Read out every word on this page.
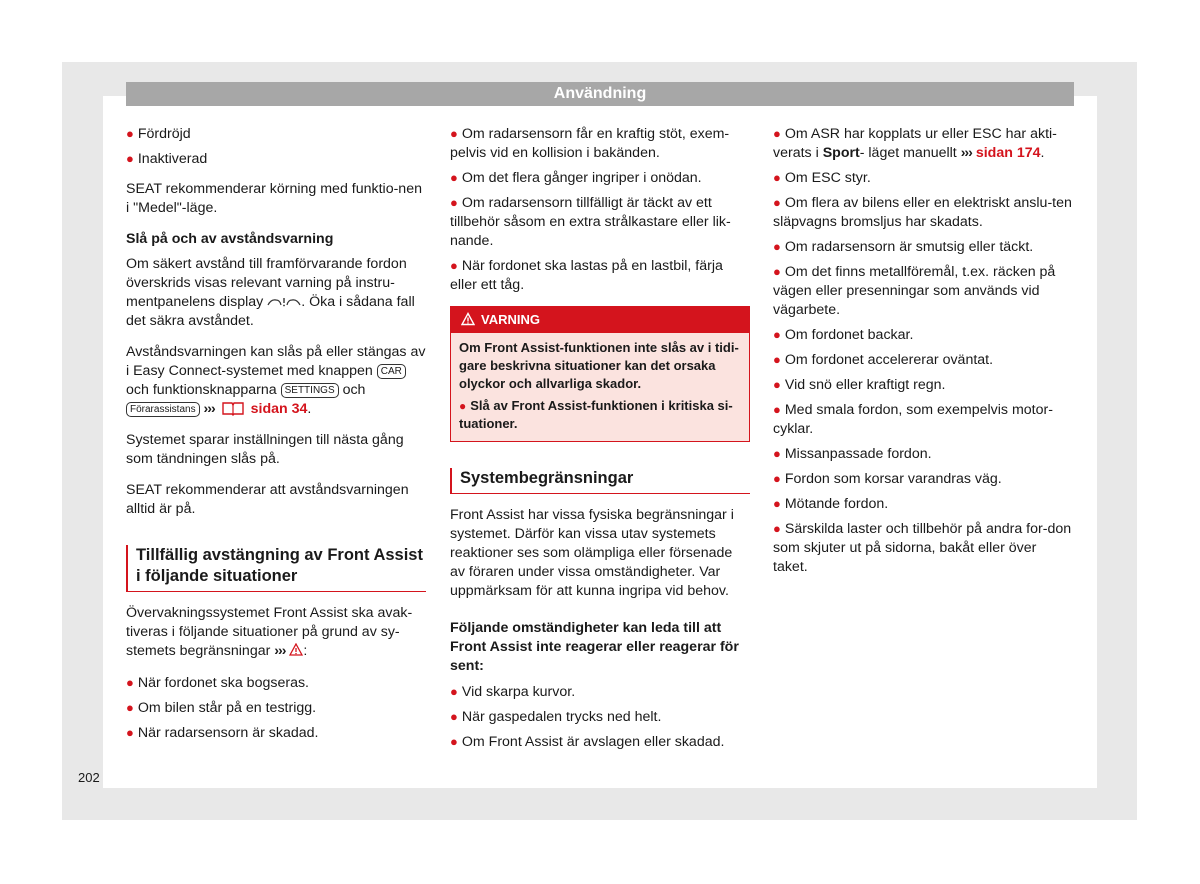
Användning
● Fördröjd
● Inaktiverad

SEAT rekommenderar körning med funktio-nen i "Medel"-läge.

Slå på och av avståndsvarning

Om säkert avstånd till framförvarande fordon överskrids visas relevant varning på instru-mentpanelens display	. Öka i sådana fall det säkra avståndet.

Avståndsvarningen kan slås på eller stängas av i Easy Connect-systemet med knappen CAR och funktionsknapparna SETTINGS och Förarassistans ›››	sidan 34.

Systemet sparar inställningen till nästa gång som tändningen slås på.

SEAT rekommenderar att avståndsvarningen alltid är på.

Tillfällig avstängning av Front Assist i följande situationer

Övervakningssystemet Front Assist ska avak-tiveras i följande situationer på grund av sy-stemets begränsningar ››› :

● När fordonet ska bogseras.
● Om bilen står på en testrigg.
● När radarsensorn är skadad.
● Om radarsensorn får en kraftig stöt, exem-pelvis vid en kollision i bakänden.
● Om det flera gånger ingriper i onödan.
● Om radarsensorn tillfälligt är täckt av ett tillbehör såsom en extra strålkastare eller lik-nande.
● När fordonet ska lastas på en lastbil, färja eller ett tåg.
VARNING

Om Front Assist-funktionen inte slås av i tidi-gare beskrivna situationer kan det orsaka olyckor och allvarliga skador.

● Slå av Front Assist-funktionen i kritiska si-tuationer.

Systembegränsningar

Front Assist har vissa fysiska begränsningar i systemet. Därför kan vissa utav systemets reaktioner ses som olämpliga eller försenade av föraren under vissa omständigheter. Var uppmärksam för att kunna ingripa vid behov.

Följande omständigheter kan leda till att Front Assist inte reagerar eller reagerar för sent:
● Vid skarpa kurvor.
● När gaspedalen trycks ned helt.
● Om Front Assist är avslagen eller skadad.
● Om ASR har kopplats ur eller ESC har akti-verats i Sport- läget manuellt ››› sidan 174.
● Om ESC styr.
● Om flera av bilens eller en elektriskt anslu-ten släpvagns bromsljus har skadats.
● Om radarsensorn är smutsig eller täckt.
● Om det finns metallföremål, t.ex. räcken på vägen eller presenningar som används vid vägarbete.
● Om fordonet backar.
● Om fordonet accelererar oväntat.
● Vid snö eller kraftigt regn.
● Med smala fordon, som exempelvis motor-cyklar.
● Missanpassade fordon.
● Fordon som korsar varandras väg.
● Mötande fordon.
● Särskilda laster och tillbehör på andra for-don som skjuter ut på sidorna, bakåt eller över taket.
202
